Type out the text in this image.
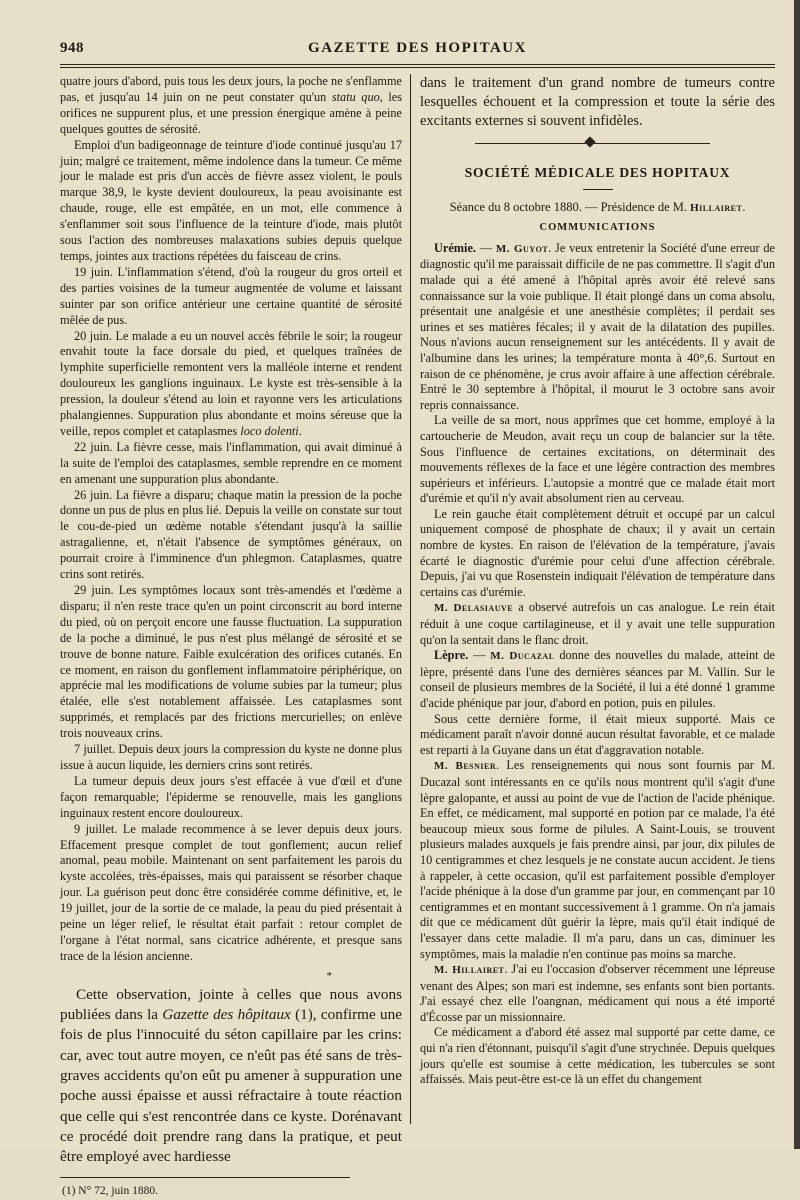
948	GAZETTE DES HOPITAUX

quatre jours d'abord, puis tous les deux jours, la poche ne s'enflamme pas, et jusqu'au 14 juin on ne peut constater qu'un statu quo, les orifices ne suppurent plus, et une pression énergique amène à peine quelques gouttes de sérosité.

Emploi d'un badigeonnage de teinture d'iode continué jusqu'au 17 juin; malgré ce traitement, même indolence dans la tumeur. Ce même jour le malade est pris d'un accès de fièvre assez violent, le pouls marque 38,9, le kyste devient douloureux, la peau avoisinante est chaude, rouge, elle est empâtée, en un mot, elle commence à s'enflammer soit sous l'influence de la teinture d'iode, mais plutôt sous l'action des nombreuses malaxations subies depuis quelque temps, jointes aux tractions répétées du faisceau de crins.

19 juin. L'inflammation s'étend, d'où la rougeur du gros orteil et des parties voisines de la tumeur augmentée de volume et laissant suinter par son orifice antérieur une certaine quantité de sérosité mêlée de pus.

20 juin. Le malade a eu un nouvel accès fébrile le soir; la rougeur envahit toute la face dorsale du pied, et quelques traînées de lymphite superficielle remontent vers la malléole interne et rendent douloureux les ganglions inguinaux. Le kyste est très-sensible à la pression, la douleur s'étend au loin et rayonne vers les articulations phalangiennes. Suppuration plus abondante et moins séreuse que la veille, repos complet et cataplasmes loco dolenti.

22 juin. La fièvre cesse, mais l'inflammation, qui avait diminué à la suite de l'emploi des cataplasmes, semble reprendre en ce moment en amenant une suppuration plus abondante.

26 juin. La fièvre a disparu; chaque matin la pression de la poche donne un pus de plus en plus lié. Depuis la veille on constate sur tout le cou-de-pied un œdème notable s'étendant jusqu'à la saillie astragalienne, et, n'était l'absence de symptômes généraux, on pourrait croire à l'imminence d'un phlegmon. Cataplasmes, quatre crins sont retirés.

29 juin. Les symptômes locaux sont très-amendés et l'œdème a disparu; il n'en reste trace qu'en un point circonscrit au bord interne du pied, où on perçoit encore une fausse fluctuation. La suppuration de la poche a diminué, le pus n'est plus mélangé de sérosité et se trouve de bonne nature. Faible exulcération des orifices cutanés. En ce moment, en raison du gonflement inflammatoire périphérique, on apprécie mal les modifications de volume subies par la tumeur; plus étalée, elle s'est notablement affaissée. Les cataplasmes sont supprimés, et remplacés par des frictions mercurielles; on enlève trois nouveaux crins.

7 juillet. Depuis deux jours la compression du kyste ne donne plus issue à aucun liquide, les derniers crins sont retirés.

La tumeur depuis deux jours s'est effacée à vue d'œil et d'une façon remarquable; l'épiderme se renouvelle, mais les ganglions inguinaux restent encore douloureux.

9 juillet. Le malade recommence à se lever depuis deux jours. Effacement presque complet de tout gonflement; aucun relief anomal, peau mobile. Maintenant on sent parfaitement les parois du kyste accolées, très-épaisses, mais qui paraissent se résorber chaque jour. La guérison peut donc être considérée comme définitive, et, le 19 juillet, jour de la sortie de ce malade, la peau du pied présentait à peine un léger relief, le résultat était parfait : retour complet de l'organe à l'état normal, sans cicatrice adhérente, et presque sans trace de la lésion ancienne.

*

Cette observation, jointe à celles que nous avons publiées dans la Gazette des hôpitaux (1), confirme une fois de plus l'innocuité du séton capillaire par les crins: car, avec tout autre moyen, ce n'eût pas été sans de très-graves accidents qu'on eût pu amener à suppuration une poche aussi épaisse et aussi réfractaire à toute réaction que celle qui s'est rencontrée dans ce kyste. Dorénavant ce procédé doit prendre rang dans la pratique, et peut être employé avec hardiesse

(1) N° 72, juin 1880.

dans le traitement d'un grand nombre de tumeurs contre lesquelles échouent et la compression et toute la série des excitants externes si souvent infidèles.

SOCIÉTÉ MÉDICALE DES HOPITAUX
Séance du 8 octobre 1880. — Présidence de M. Hillairet.
COMMUNICATIONS

Urémie. — M. Guyot. Je veux entretenir la Société d'une erreur de diagnostic qu'il me paraissait difficile de ne pas commettre. Il s'agit d'un malade qui a été amené à l'hôpital après avoir été relevé sans connaissance sur la voie publique. Il était plongé dans un coma absolu, présentait une analgésie et une anesthésie complètes; il perdait ses urines et ses matières fécales; il y avait de la dilatation des pupilles. Nous n'avions aucun renseignement sur les antécédents. Il y avait de l'albumine dans les urines; la température monta à 40°,6. Surtout en raison de ce phénomène, je crus avoir affaire à une affection cérébrale. Entré le 30 septembre à l'hôpital, il mourut le 3 octobre sans avoir repris connaissance.

La veille de sa mort, nous apprîmes que cet homme, employé à la cartoucherie de Meudon, avait reçu un coup de balancier sur la tête. Sous l'influence de certaines excitations, on déterminait des mouvements réflexes de la face et une légère contraction des membres supérieurs et inférieurs. L'autopsie a montré que ce malade était mort d'urémie et qu'il n'y avait absolument rien au cerveau.

Le rein gauche était complètement détruit et occupé par un calcul uniquement composé de phosphate de chaux; il y avait un certain nombre de kystes. En raison de l'élévation de la température, j'avais écarté le diagnostic d'urémie pour celui d'une affection cérébrale. Depuis, j'ai vu que Rosenstein indiquait l'élévation de température dans certains cas d'urémie.

M. Delasiauve a observé autrefois un cas analogue. Le rein était réduit à une coque cartilagineuse, et il y avait une telle suppuration qu'on la sentait dans le flanc droit.

Lèpre. — M. Ducazal donne des nouvelles du malade, atteint de lèpre, présenté dans l'une des dernières séances par M. Vallin. Sur le conseil de plusieurs membres de la Société, il lui a été donné 1 gramme d'acide phénique par jour, d'abord en potion, puis en pilules.

Sous cette dernière forme, il était mieux supporté. Mais ce médicament paraît n'avoir donné aucun résultat favorable, et ce malade est reparti à la Guyane dans un état d'aggravation notable.

M. Besnier. Les renseignements qui nous sont fournis par M. Ducazal sont intéressants en ce qu'ils nous montrent qu'il s'agit d'une lèpre galopante, et aussi au point de vue de l'action de l'acide phénique. En effet, ce médicament, mal supporté en potion par ce malade, l'a été beaucoup mieux sous forme de pilules. A Saint-Louis, se trouvent plusieurs malades auxquels je fais prendre ainsi, par jour, dix pilules de 10 centigrammes et chez lesquels je ne constate aucun accident. Je tiens à rappeler, à cette occasion, qu'il est parfaitement possible d'employer l'acide phénique à la dose d'un gramme par jour, en commençant par 10 centigrammes et en montant successivement à 1 gramme. On n'a jamais dit que ce médicament dût guérir la lèpre, mais qu'il était indiqué de l'essayer dans cette maladie. Il m'a paru, dans un cas, diminuer les symptômes, mais la maladie n'en continue pas moins sa marche.

M. Hillairet. J'ai eu l'occasion d'observer récemment une lépreuse venant des Alpes; son mari est indemne, ses enfants sont bien portants. J'ai essayé chez elle l'oangnan, médicament qui nous a été importé d'Écosse par un missionnaire.

Ce médicament a d'abord été assez mal supporté par cette dame, ce qui n'a rien d'étonnant, puisqu'il s'agit d'une strychnée. Depuis quelques jours qu'elle est soumise à cette médication, les tubercules se sont affaissés. Mais peut-être est-ce là un effet du changement
